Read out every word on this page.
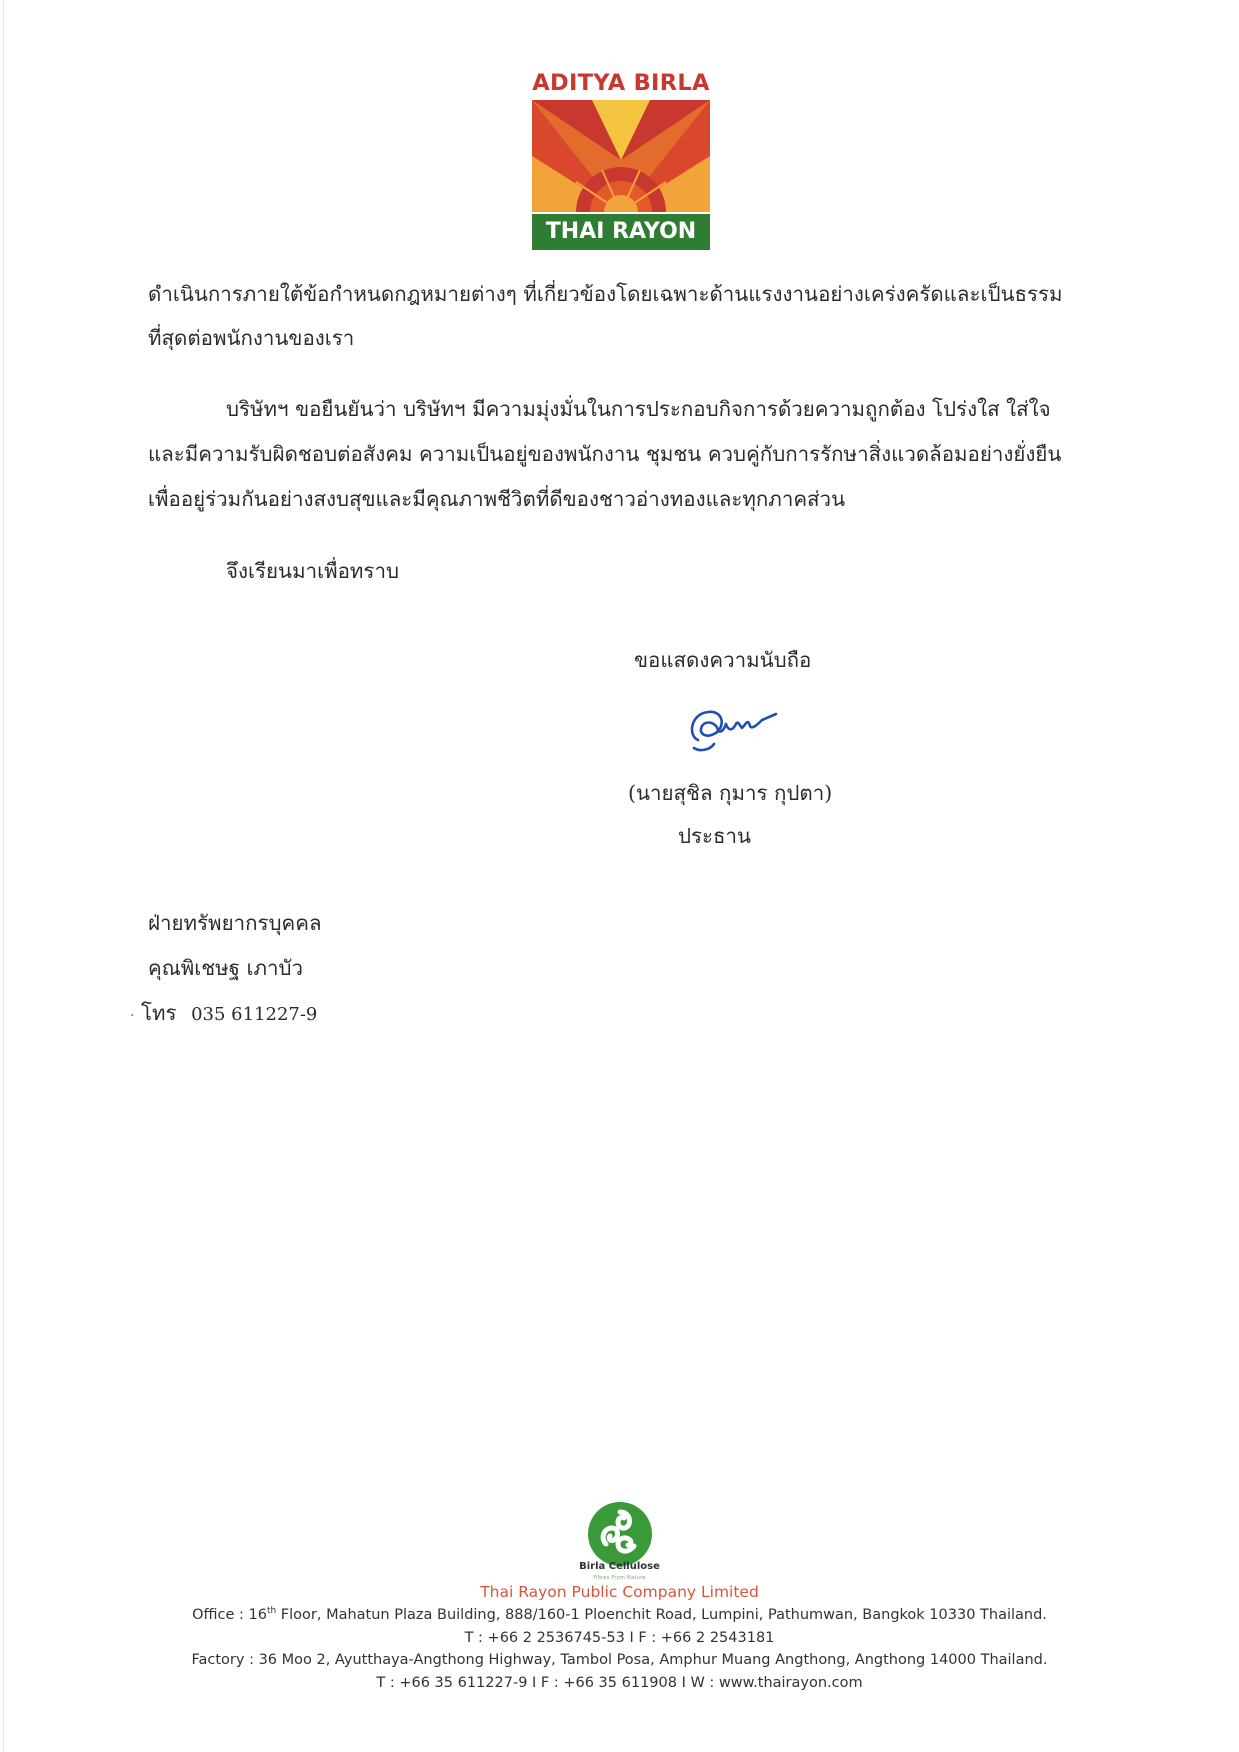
ADITYA BIRLA
THAI RAYON
ดำเนินการภายใต้ข้อกำหนดกฎหมายต่างๆ ที่เกี่ยวข้องโดยเฉพาะด้านแรงงานอย่างเคร่งครัดและเป็นธรรม
ที่สุดต่อพนักงานของเรา
บริษัทฯ ขอยืนยันว่า บริษัทฯ มีความมุ่งมั่นในการประกอบกิจการด้วยความถูกต้อง โปร่งใส ใส่ใจ
และมีความรับผิดชอบต่อสังคม ความเป็นอยู่ของพนักงาน ชุมชน ควบคู่กับการรักษาสิ่งแวดล้อมอย่างยั่งยืน
เพื่ออยู่ร่วมกันอย่างสงบสุขและมีคุณภาพชีวิตที่ดีของชาวอ่างทองและทุกภาคส่วน
จึงเรียนมาเพื่อทราบ
ขอแสดงความนับถือ
(นายสุชิล กุมาร กุปตา)
ประธาน
ฝ่ายทรัพยากรบุคคล
คุณพิเชษฐ เภาบัว
· โทร 035 611227-9
Birla Cellulose
Fibres From Nature
Thai Rayon Public Company Limited
Office : 16th Floor, Mahatun Plaza Building, 888/160-1 Ploenchit Road, Lumpini, Pathumwan, Bangkok 10330 Thailand.
T : +66 2 2536745-53 I F : +66 2 2543181
Factory : 36 Moo 2, Ayutthaya-Angthong Highway, Tambol Posa, Amphur Muang Angthong, Angthong 14000 Thailand.
T : +66 35 611227-9 I F : +66 35 611908 I W : www.thairayon.com
